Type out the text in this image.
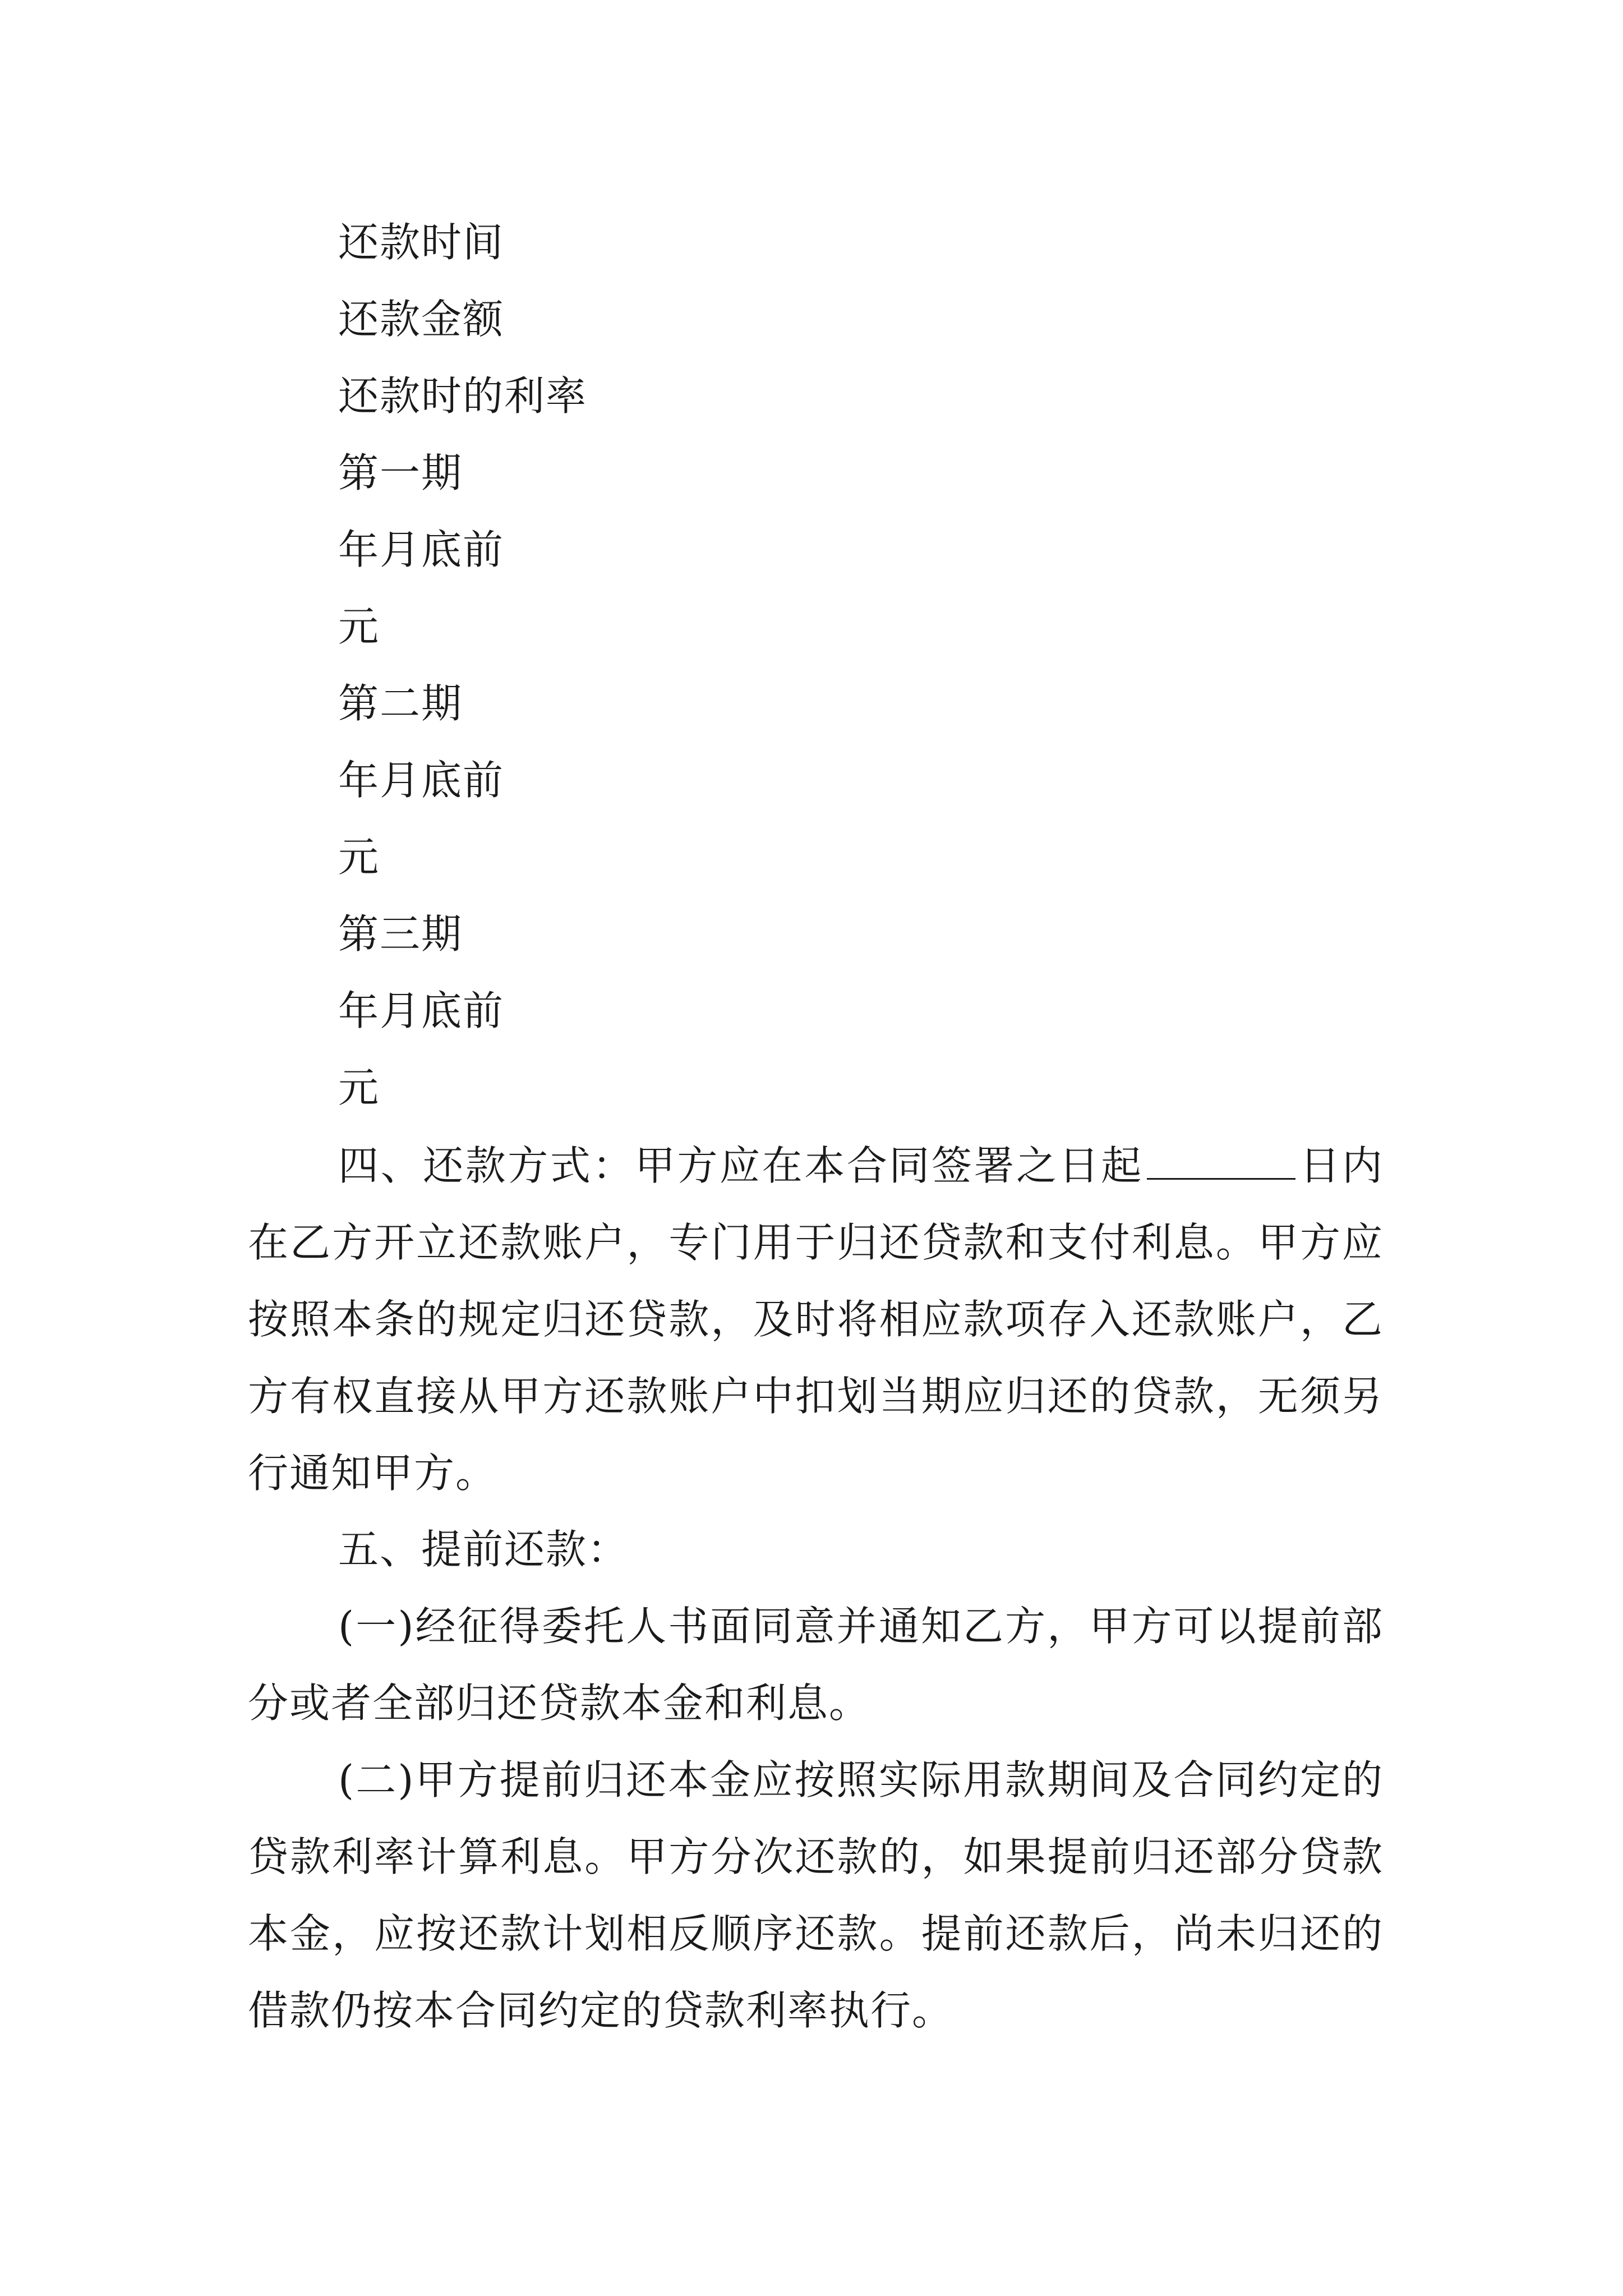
还款时间
还款金额
还款时的利率
第一期
年月底前
元
第二期
年月底前
元
第三期
年月底前
元

四、还款方式：甲方应在本合同签署之日起	日内在乙方开立还款账户，专门用于归还贷款和支付利息。甲方应按照本条的规定归还贷款，及时将相应款项存入还款账户，乙方有权直接从甲方还款账户中扣划当期应归还的贷款，无须另行通知甲方。

五、提前还款：

(一)经征得委托人书面同意并通知乙方，甲方可以提前部分或者全部归还贷款本金和利息。

(二)甲方提前归还本金应按照实际用款期间及合同约定的贷款利率计算利息。甲方分次还款的，如果提前归还部分贷款本金，应按还款计划相反顺序还款。提前还款后，尚未归还的借款仍按本合同约定的贷款利率执行。
